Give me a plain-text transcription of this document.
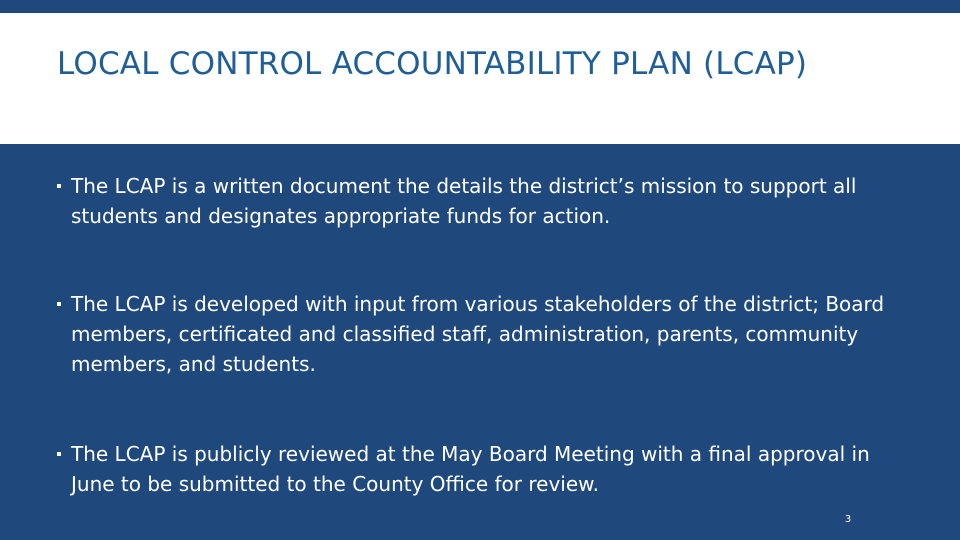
LOCAL CONTROL ACCOUNTABILITY PLAN (LCAP)
The LCAP is a written document the details the district’s mission to support all students and designates appropriate funds for action.
The LCAP is developed with input from various stakeholders of the district; Board members, certificated and classified staff, administration, parents, community members, and students.
The LCAP is publicly reviewed at the May Board Meeting with a final approval in June to be submitted to the County Office for review.
3
